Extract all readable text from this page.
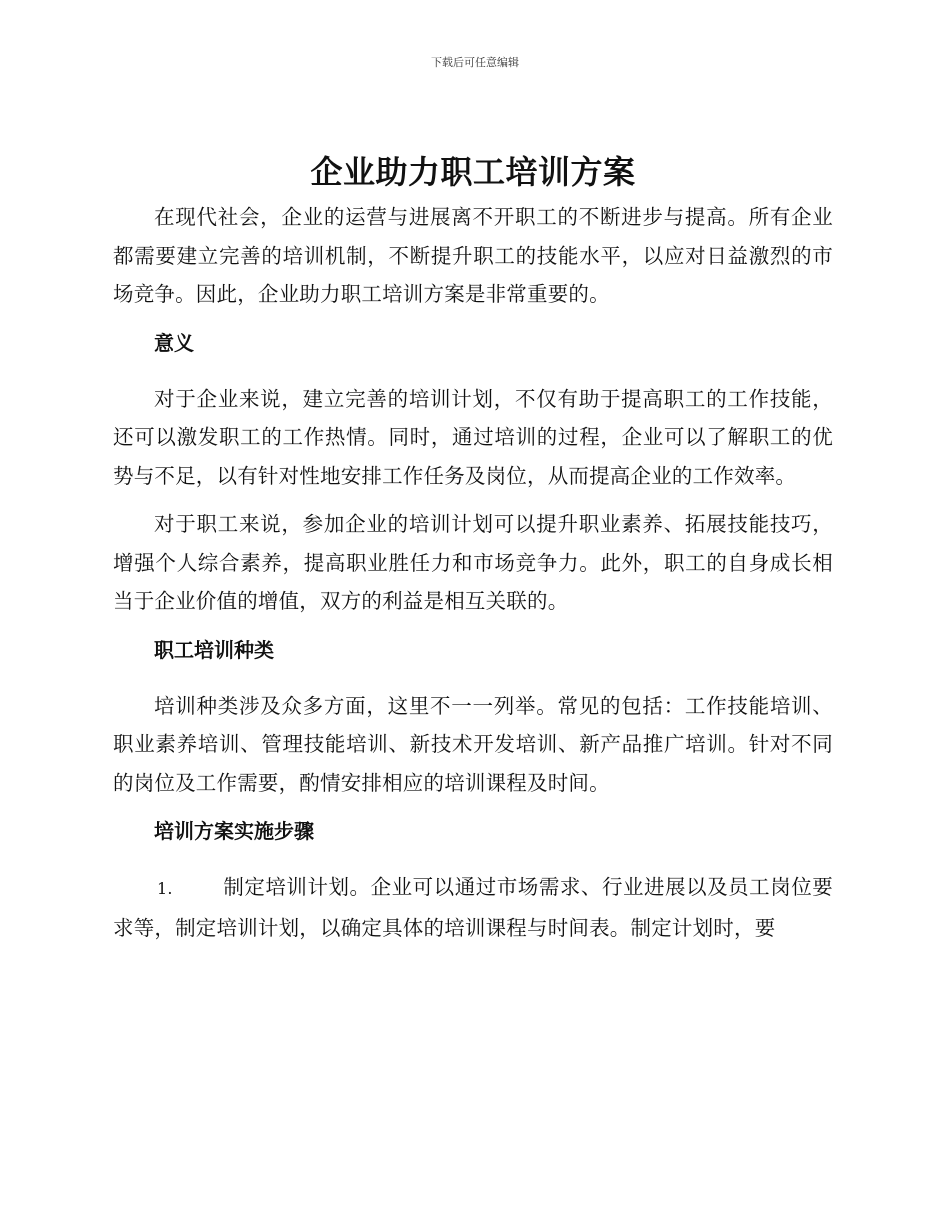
下载后可任意编辑
企业助力职工培训方案

在现代社会，企业的运营与进展离不开职工的不断进步与提高。所有企业都需要建立完善的培训机制，不断提升职工的技能水平，以应对日益激烈的市场竞争。因此，企业助力职工培训方案是非常重要的。

意义

对于企业来说，建立完善的培训计划，不仅有助于提高职工的工作技能，还可以激发职工的工作热情。同时，通过培训的过程，企业可以了解职工的优势与不足，以有针对性地安排工作任务及岗位，从而提高企业的工作效率。

对于职工来说，参加企业的培训计划可以提升职业素养、拓展技能技巧，增强个人综合素养，提高职业胜任力和市场竞争力。此外，职工的自身成长相当于企业价值的增值，双方的利益是相互关联的。

职工培训种类

培训种类涉及众多方面，这里不一一列举。常见的包括：工作技能培训、职业素养培训、管理技能培训、新技术开发培训、新产品推广培训。针对不同的岗位及工作需要，酌情安排相应的培训课程及时间。

培训方案实施步骤

1. 制定培训计划。企业可以通过市场需求、行业进展以及员工岗位要求等，制定培训计划，以确定具体的培训课程与时间表。制定计划时，要
